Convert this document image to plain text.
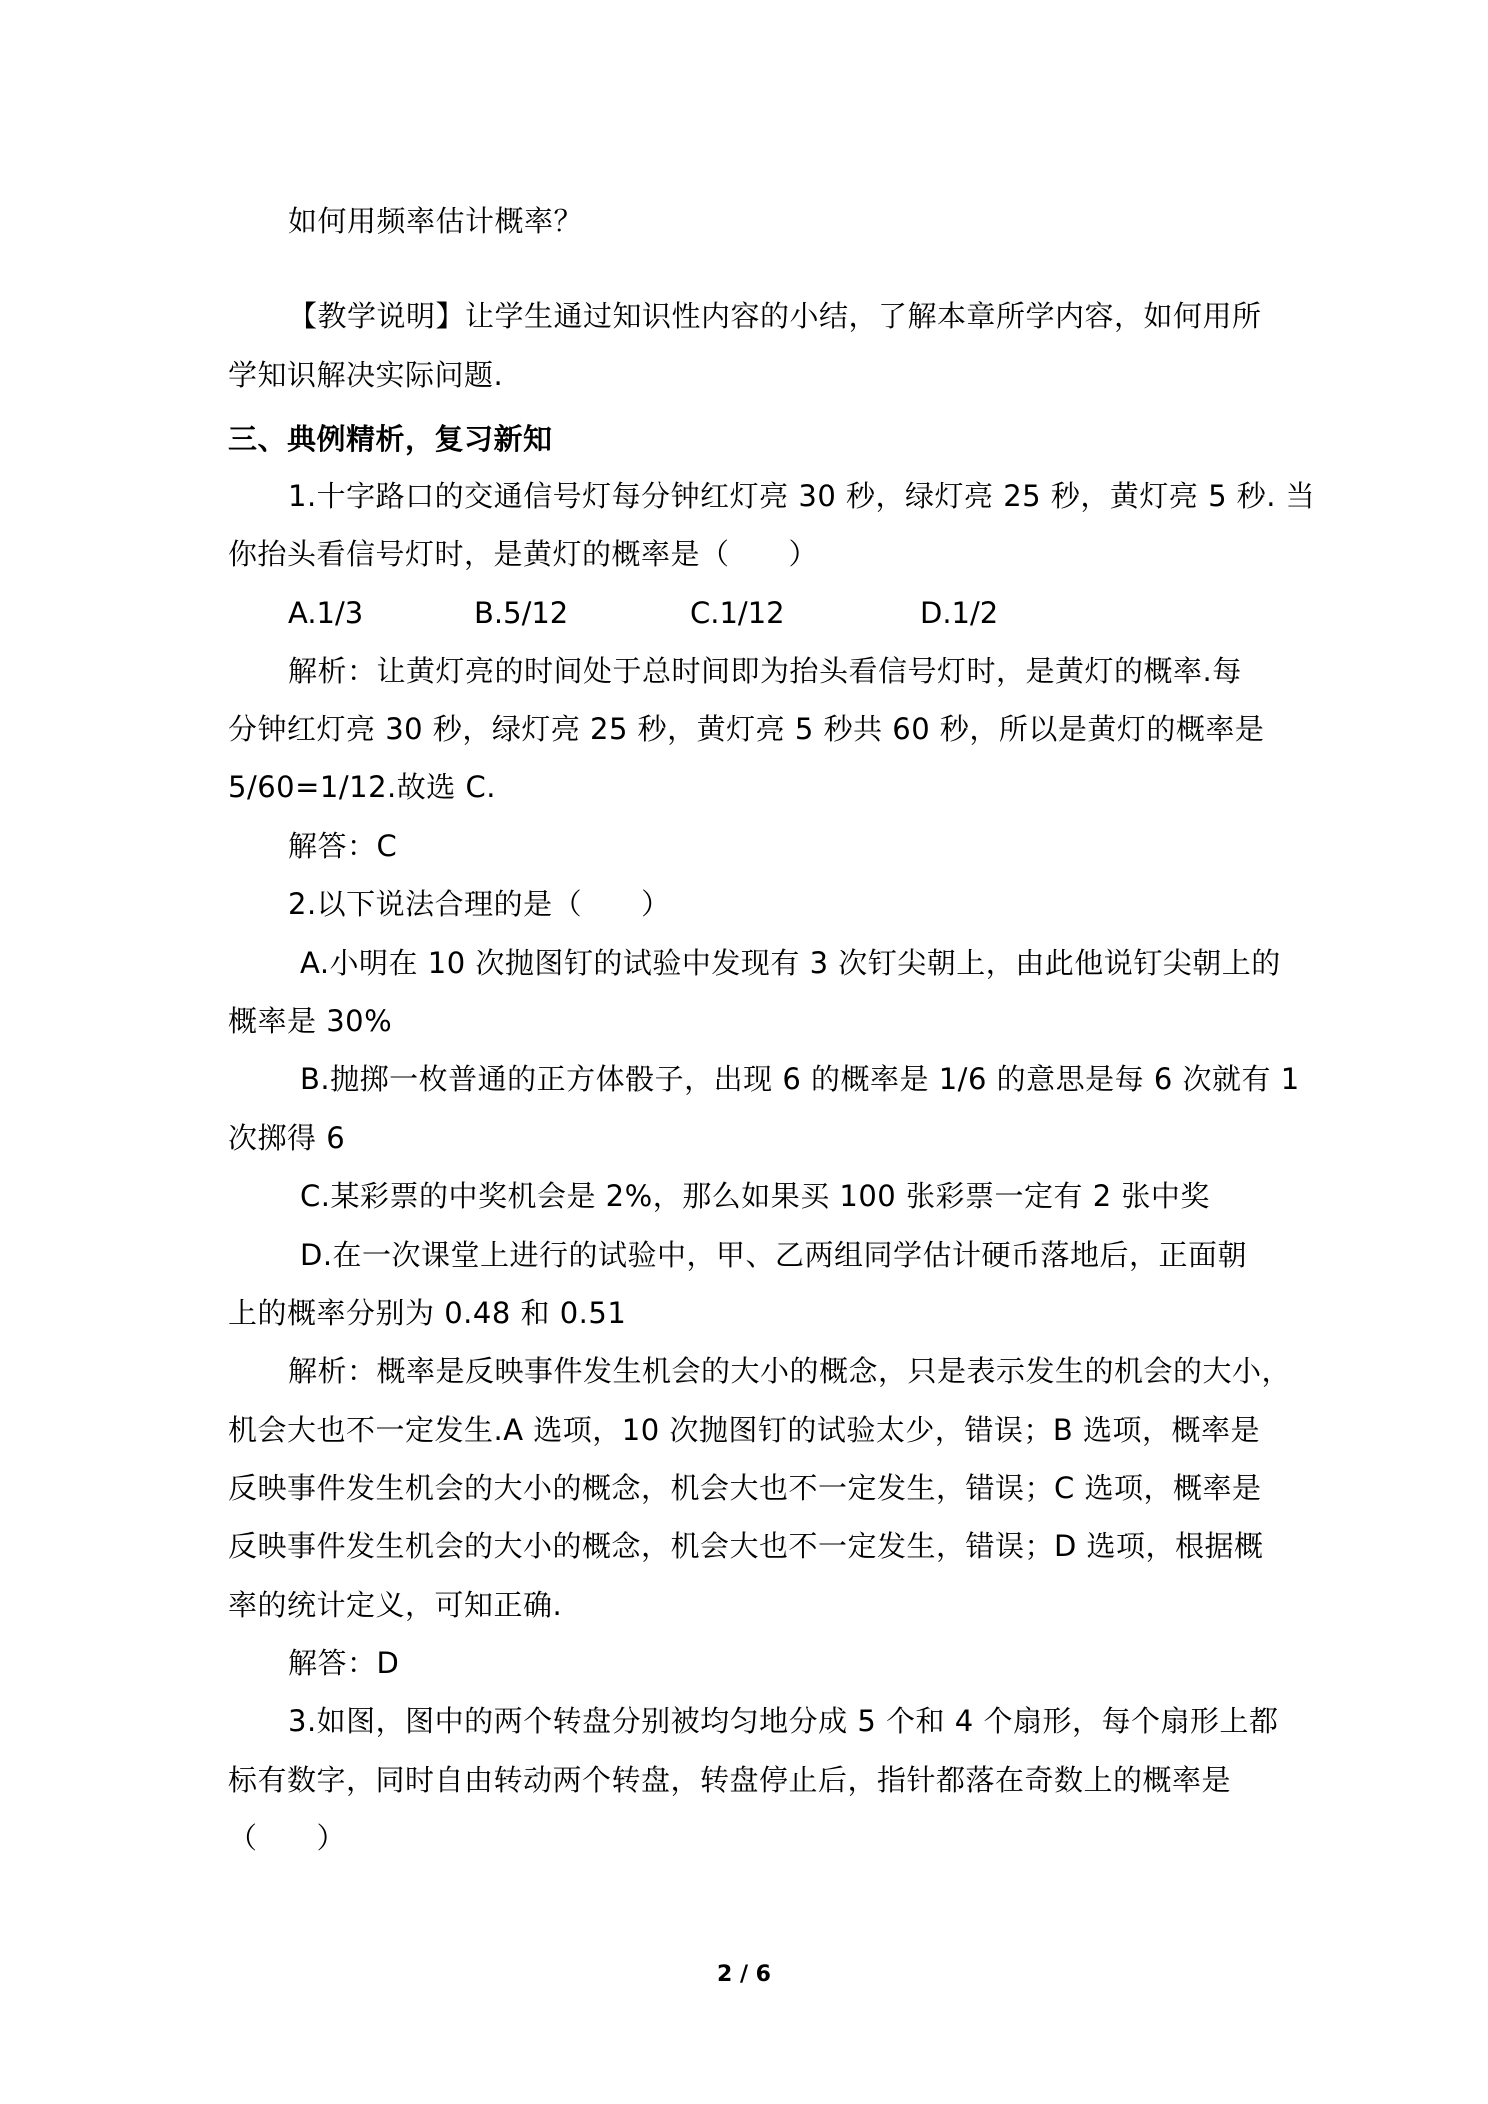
如何用频率估计概率？
【教学说明】让学生通过知识性内容的小结，了解本章所学内容，如何用所
学知识解决实际问题.
三、典例精析，复习新知
1.十字路口的交通信号灯每分钟红灯亮 30 秒，绿灯亮 25 秒，黄灯亮 5 秒. 当
你抬头看信号灯时，是黄灯的概率是（　　）
A.1/3	B.5/12	C.1/12	D.1/2
解析：让黄灯亮的时间处于总时间即为抬头看信号灯时，是黄灯的概率.每
分钟红灯亮 30 秒，绿灯亮 25 秒，黄灯亮 5 秒共 60 秒，所以是黄灯的概率是
5/60=1/12.故选 C.
解答：C
2.以下说法合理的是（　　）
A.小明在 10 次抛图钉的试验中发现有 3 次钉尖朝上，由此他说钉尖朝上的
概率是 30%
B.抛掷一枚普通的正方体骰子，出现 6 的概率是 1/6 的意思是每 6 次就有 1
次掷得 6
C.某彩票的中奖机会是 2%，那么如果买 100 张彩票一定有 2 张中奖
D.在一次课堂上进行的试验中，甲、乙两组同学估计硬币落地后，正面朝
上的概率分别为 0.48 和 0.51
解析：概率是反映事件发生机会的大小的概念，只是表示发生的机会的大小，
机会大也不一定发生.A 选项，10 次抛图钉的试验太少，错误；B 选项，概率是
反映事件发生机会的大小的概念，机会大也不一定发生，错误；C 选项，概率是
反映事件发生机会的大小的概念，机会大也不一定发生，错误；D 选项，根据概
率的统计定义，可知正确.
解答：D
3.如图，图中的两个转盘分别被均匀地分成 5 个和 4 个扇形，每个扇形上都
标有数字，同时自由转动两个转盘，转盘停止后，指针都落在奇数上的概率是
（　　）
2 / 6
